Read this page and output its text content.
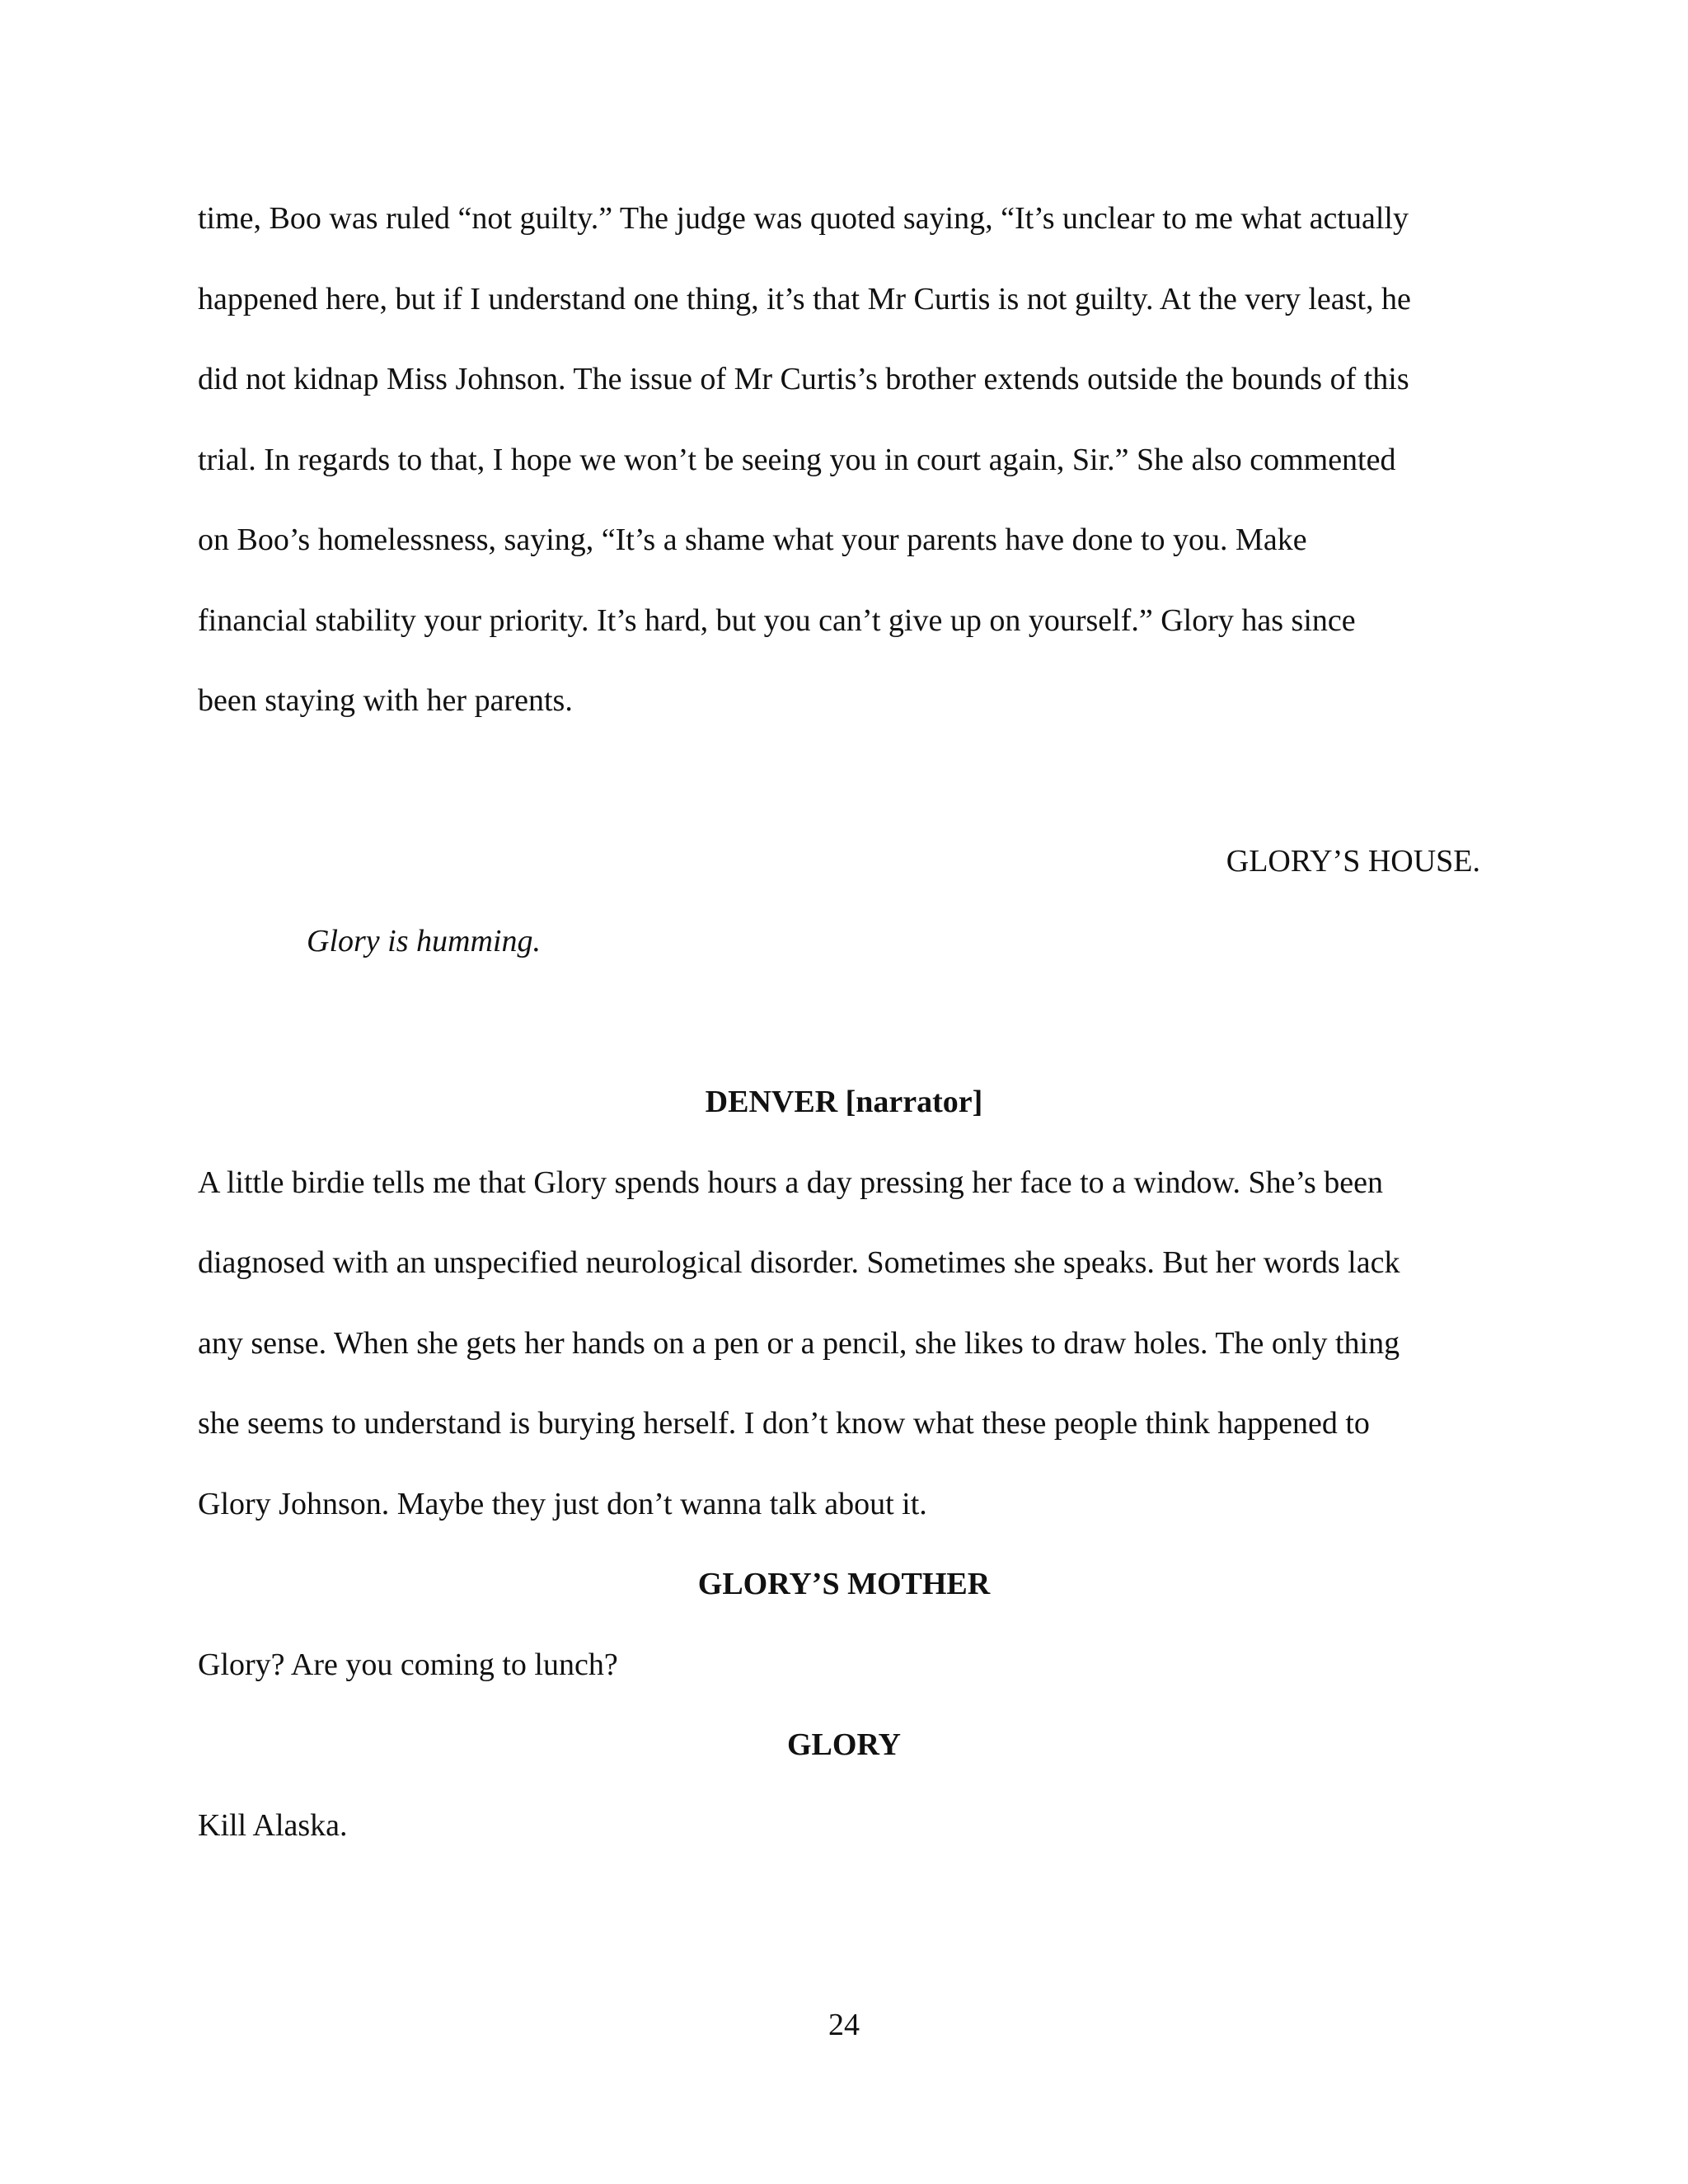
time, Boo was ruled “not guilty.” The judge was quoted saying, “It’s unclear to me what actually
happened here, but if I understand one thing, it’s that Mr Curtis is not guilty. At the very least, he
did not kidnap Miss Johnson. The issue of Mr Curtis’s brother extends outside the bounds of this
trial. In regards to that, I hope we won’t be seeing you in court again, Sir.” She also commented
on Boo’s homelessness, saying, “It’s a shame what your parents have done to you. Make
financial stability your priority. It’s hard, but you can’t give up on yourself.” Glory has since
been staying with her parents.
GLORY’S HOUSE.
Glory is humming.
DENVER [narrator]
A little birdie tells me that Glory spends hours a day pressing her face to a window. She’s been
diagnosed with an unspecified neurological disorder. Sometimes she speaks. But her words lack
any sense. When she gets her hands on a pen or a pencil, she likes to draw holes. The only thing
she seems to understand is burying herself. I don’t know what these people think happened to
Glory Johnson. Maybe they just don’t wanna talk about it.
GLORY’S MOTHER
Glory? Are you coming to lunch?
GLORY
Kill Alaska.
24
